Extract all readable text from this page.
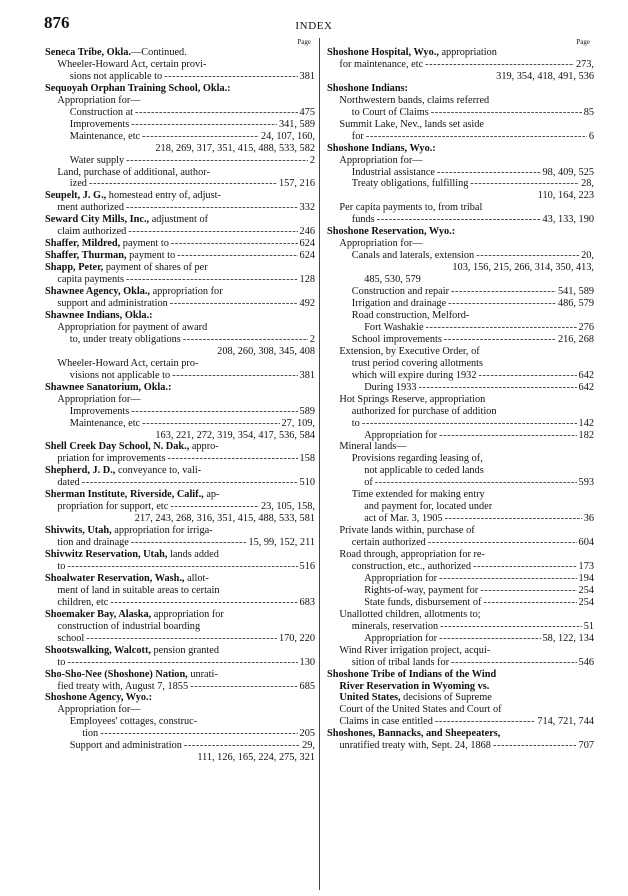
876	INDEX
Page
Seneca Tribe, Okla.—Continued.
Wheeler-Howard Act, certain provi-
sions not applicable to - - -	381
Sequoyah Orphan Training School, Okla.:
Appropriation for—
Construction at - - -	475
Improvements - - -	341, 589
Maintenance, etc - - -	24, 107, 160,
218, 269, 317, 351, 415, 488, 533, 582
Water supply - - -	2
Land, purchase of additional, author-
ized - - -	157, 216
Seupelt, J. G., homestead entry of, adjust-
ment authorized - - -	332
Seward City Mills, Inc., adjustment of
claim authorized - - -	246
Shaffer, Mildred, payment to - - -	624
Shaffer, Thurman, payment to - - -	624
Shapp, Peter, payment of shares of per
capita payments - - -	128
Shawnee Agency, Okla., appropriation for
support and administration - - -	492
Shawnee Indians, Okla.:
Appropriation for payment of award
to, under treaty obligations - - -	2
208, 260, 308, 345, 408
Wheeler-Howard Act, certain pro-
visions not applicable to - - -	381
Shawnee Sanatorium, Okla.:
Appropriation for—
Improvements - - -	589
Maintenance, etc - - -	27, 109,
163, 221, 272, 319, 354, 417, 536, 584
Shell Creek Day School, N. Dak., appro-
priation for improvements - - -	158
Shepherd, J. D., conveyance to, vali-
dated - - -	510
Sherman Institute, Riverside, Calif., ap-
propriation for support, etc - - -	23, 105, 158,
217, 243, 268, 316, 351, 415, 488, 533, 581
Shivwits, Utah, appropriation for irriga-
tion and drainage - - -	15, 99, 152, 211
Shivwitz Reservation, Utah, lands added
to - - -	516
Shoalwater Reservation, Wash., allot-
ment of land in suitable areas to certain
children, etc - - -	683
Shoemaker Bay, Alaska, appropriation for
construction of industrial boarding
school - - -	170, 220
Shootswalking, Walcott, pension granted
to - - -	130
Sho-Sho-Nee (Shoshone) Nation, unrati-
fied treaty with, August 7, 1855 - - -	685
Shoshone Agency, Wyo.:
Appropriation for—
Employees' cottages, construc-
tion - - -	205
Support and administration - - -	29,
111, 126, 165, 224, 275, 321
Page
Shoshone Hospital, Wyo., appropriation
for maintenance, etc - - -	273,
319, 354, 418, 491, 536
Shoshone Indians:
Northwestern bands, claims referred
to Court of Claims - - -	85
Summit Lake, Nev., lands set aside
for - - -	6
Shoshone Indians, Wyo.:
Appropriation for—
Industrial assistance - - -	98, 409, 525
Treaty obligations, fulfilling - - -	28,
110, 164, 223
Per capita payments to, from tribal
funds - - -	43, 133, 190
Shoshone Reservation, Wyo.:
Appropriation for—
Canals and laterals, extension - - -	20,
103, 156, 215, 266, 314, 350, 413,
485, 530, 579
Construction and repair - - -	541, 589
Irrigation and drainage - - -	486, 579
Road construction, Melford-
Fort Washakie - - -	276
School improvements - - -	216, 268
Extension, by Executive Order, of
trust period covering allotments
which will expire during 1932 - - -	642
During 1933 - - -	642
Hot Springs Reserve, appropriation
authorized for purchase of addition
to - - -	142
Appropriation for - - -	182
Mineral lands—
Provisions regarding leasing of,
not applicable to ceded lands
of - - -	593
Time extended for making entry
and payment for, located under
act of Mar. 3, 1905 - - -	36
Private lands within, purchase of
certain authorized - - -	604
Road through, appropriation for re-
construction, etc., authorized - - -	173
Appropriation for - - -	194
Rights-of-way, payment for - - -	254
State funds, disbursement of - - -	254
Unallotted children, allotments to;
minerals, reservation - - -	51
Appropriation for - - -	58, 122, 134
Wind River irrigation project, acqui-
sition of tribal lands for - - -	546
Shoshone Tribe of Indians of the Wind
River Reservation in Wyoming vs.
United States, decisions of Supreme
Court of the United States and Court of
Claims in case entitled - - -	714, 721, 744
Shoshones, Bannacks, and Sheepeaters,
unratified treaty with, Sept. 24, 1868 - - -	707
